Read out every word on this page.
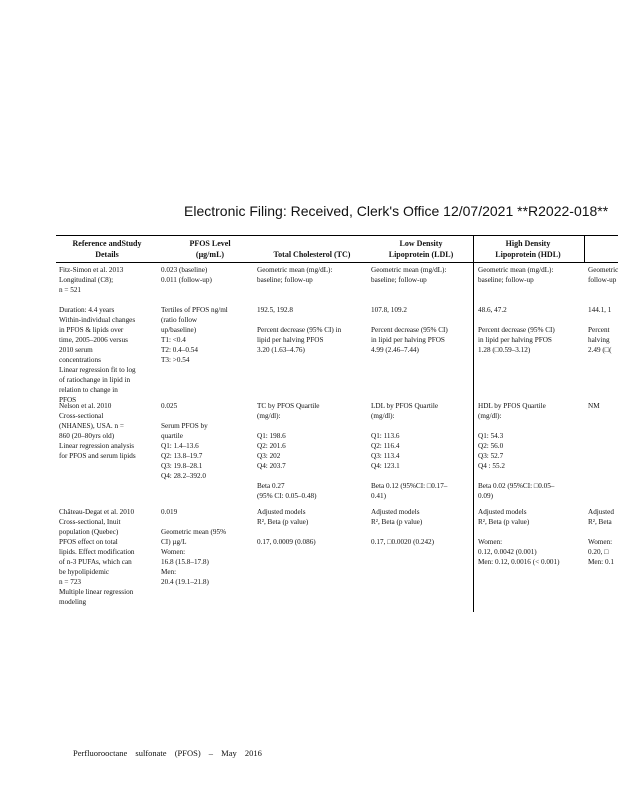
Electronic Filing: Received, Clerk's Office 12/07/2021 **R2022-018**
Reference andStudy
Details
PFOS Level
(µg/mL)	Total Cholesterol (TC)
Low Density
Lipoprotein (LDL)
High Density
Lipoprotein (HDL)
Fitz-Simon et al. 2013
Longitudinal (C8);
n = 521

Duration: 4.4 years
Within-individual changes
in PFOS & lipids over
time, 2005–2006 versus
2010 serum
concentrations
Linear regression fit to log
of ratiochange in lipid in
relation to change in
PFOS
0.023 (baseline)
0.011 (follow-up)

Tertiles of PFOS ng/ml
(ratio follow
up/baseline)
T1: <0.4
T2: 0.4–0.54
T3: >0.54
Geometric mean (mg/dL):
baseline; follow-up

192.5, 192.8

Percent decrease (95% CI) in
lipid per halving PFOS
3.20 (1.63–4.76)
Geometric mean (mg/dL):
baseline; follow-up

107.8, 109.2

Percent decrease (95% CI)
in lipid per halving PFOS
4.99 (2.46–7.44)
Geometric mean (mg/dL):
baseline; follow-up

48.6, 47.2

Percent decrease (95% CI)
in lipid per halving PFOS
1.28 (□0.59–3.12)
Geometric
follow-up

144.1, 1

Percent
halving
2.49 (□(
Nelson et al. 2010
Cross-sectional
(NHANES), USA. n =
860 (20–80yrs old)
Linear regression analysis
for PFOS and serum lipids
0.025

Serum PFOS by
quartile
Q1: 1.4–13.6
Q2: 13.8–19.7
Q3: 19.8–28.1
Q4: 28.2–392.0
TC by PFOS Quartile
(mg/dl):

Q1: 198.6
Q2: 201.6
Q3: 202
Q4: 203.7

Beta 0.27
(95% CI: 0.05–0.48)
LDL by PFOS Quartile
(mg/dl):

Q1: 113.6
Q2: 116.4
Q3: 113.4
Q4: 123.1

Beta 0.12 (95%CI: □0.17–
0.41)
HDL by PFOS Quartile
(mg/dl):

Q1: 54.3
Q2: 56.0
Q3: 52.7
Q4 : 55.2

Beta 0.02 (95%CI: □0.05–
0.09)
NM
Château-Degat et al. 2010
Cross-sectional, Inuit
population (Quebec)
PFOS effect on total
lipids. Effect modification
of n-3 PUFAs, which can
be hypolipidemic
n = 723
Multiple linear regression
modeling
0.019

Geometric mean (95%
CI) µg/L
Women:
16.8 (15.8–17.8)
Men:
20.4 (19.1–21.8)
Adjusted models
R², Beta (p value)

0.17, 0.0009 (0.086)
Adjusted models
R², Beta (p value)

0.17, □0.0020 (0.242)
Adjusted models
R², Beta (p value)

Women:
0.12, 0.0042 (0.001)
Men: 0.12, 0.0016 (< 0.001)
Adjusted
R², Beta

Women:
0.20, □
Men: 0.1
Perfluorooctane sulfonate (PFOS) – May 2016
